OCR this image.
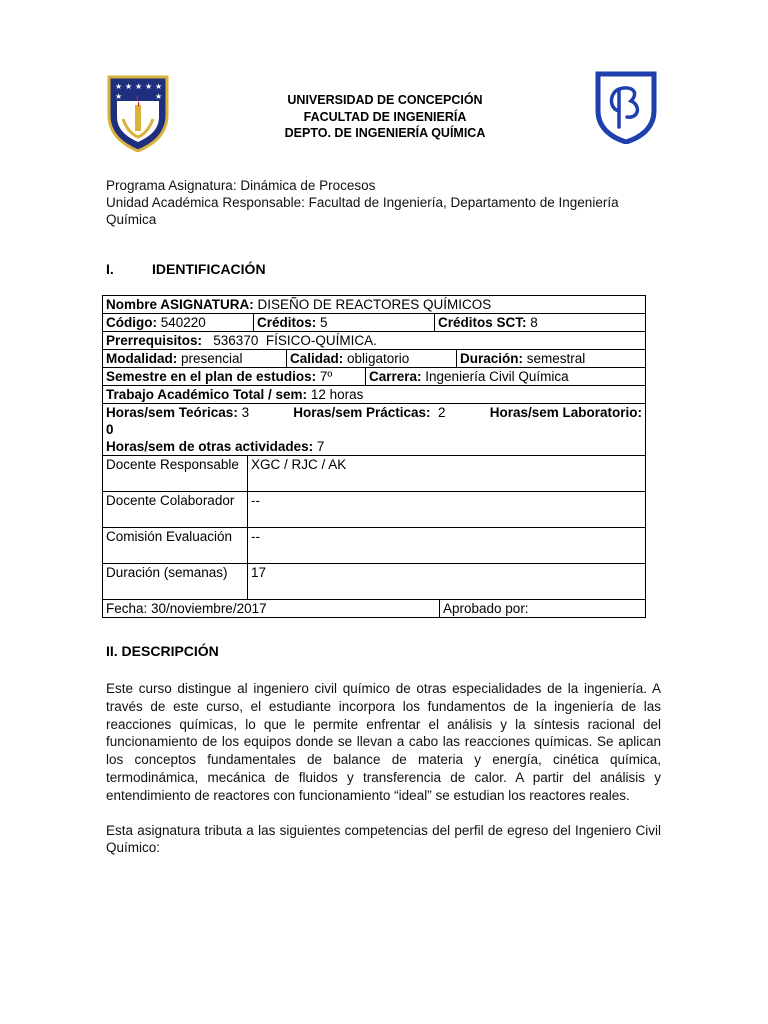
★ ★ ★ ★ ★
★	★	UNIVERSIDAD DE CONCEPCIÓN
FACULTAD DE INGENIERÍA
DEPTO. DE INGENIERÍA QUÍMICA
Programa Asignatura: Dinámica de Procesos
Unidad Académica Responsable: Facultad de Ingeniería, Departamento de Ingeniería Química
I.	IDENTIFICACIÓN
Nombre ASIGNATURA: DISEÑO DE REACTORES QUÍMICOS	

Código: 540220 Créditos: 5 Créditos SCT: 8	

Prerrequisitos:   536370  FÍSICO-QUÍMICA.	

Modalidad: presencial Calidad: obligatorio Duración: semestral	

Semestre en el plan de estudios: 7º Carrera: Ingeniería Civil Química	

Trabajo Académico Total / sem: 12 horas	

Horas/sem Teóricas: 3 Horas/sem Prácticas:  2 Horas/sem Laboratorio:
0
Horas/sem de otras actividades: 7	

Docente Responsable	XGC / RJC / AK
Docente Colaborador	--
Comisión Evaluación	--
Duración (semanas)	17

Fecha: 30/noviembre/2017 Aprobado por:	
II. DESCRIPCIÓN

Este curso distingue al ingeniero civil químico de otras especialidades de la ingeniería. A través de este curso, el estudiante incorpora los fundamentos de la ingeniería de las reacciones químicas, lo que le permite enfrentar el análisis y la síntesis racional del funcionamiento de los equipos donde se llevan a cabo las reacciones químicas. Se aplican los conceptos fundamentales de balance de materia y energía, cinética química, termodinámica, mecánica de fluidos y transferencia de calor. A partir del análisis y entendimiento de reactores con funcionamiento “ideal” se estudian los reactores reales.

Esta asignatura tributa a las siguientes competencias del perfil de egreso del Ingeniero Civil Químico:
